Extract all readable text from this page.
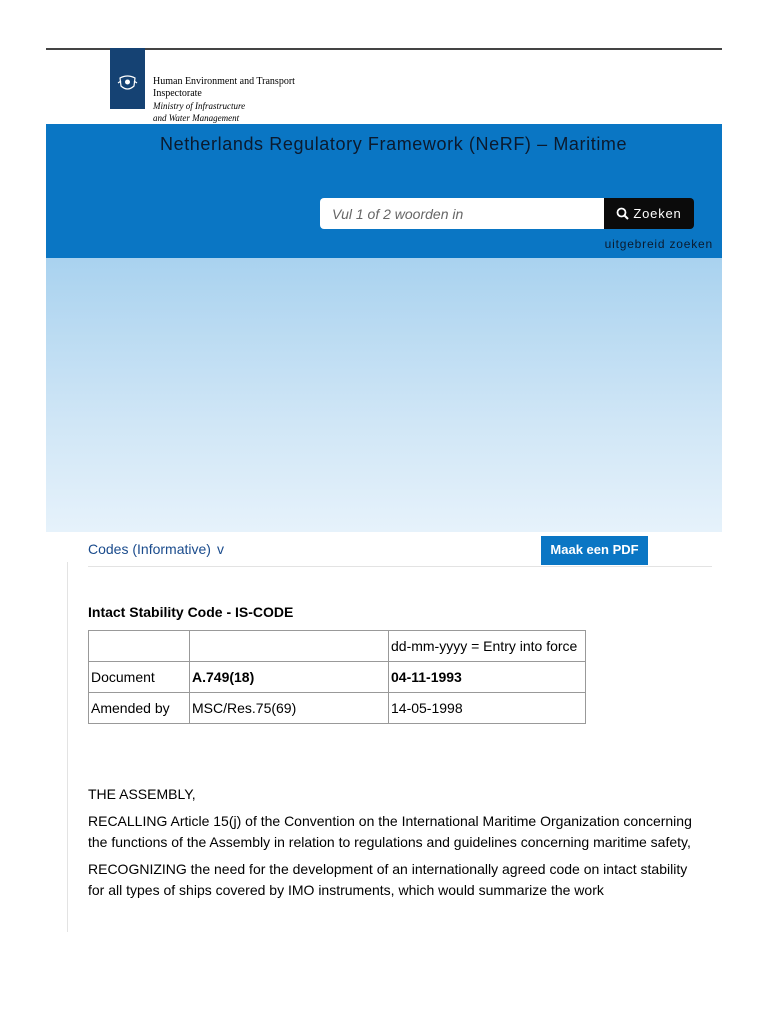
Human Environment and Transport
Inspectorate
Ministry of Infrastructure
and Water Management
Netherlands Regulatory Framework (NeRF) – Maritime
Vul 1 of 2 woorden in
Zoeken
uitgebreid zoeken
Codes (Informative) v	Maak een PDF
Intact Stability Code - IS-CODE
		dd-mm-yyyy = Entry into force
Document	A.749(18)	04-11-1993
Amended by	MSC/Res.75(69)	14-05-1998

THE ASSEMBLY,

RECALLING Article 15(j) of the Convention on the International Maritime Organization concerning the functions of the Assembly in relation to regulations and guidelines concerning maritime safety,

RECOGNIZING the need for the development of an internationally agreed code on intact stability for all types of ships covered by IMO instruments, which would summarize the work
